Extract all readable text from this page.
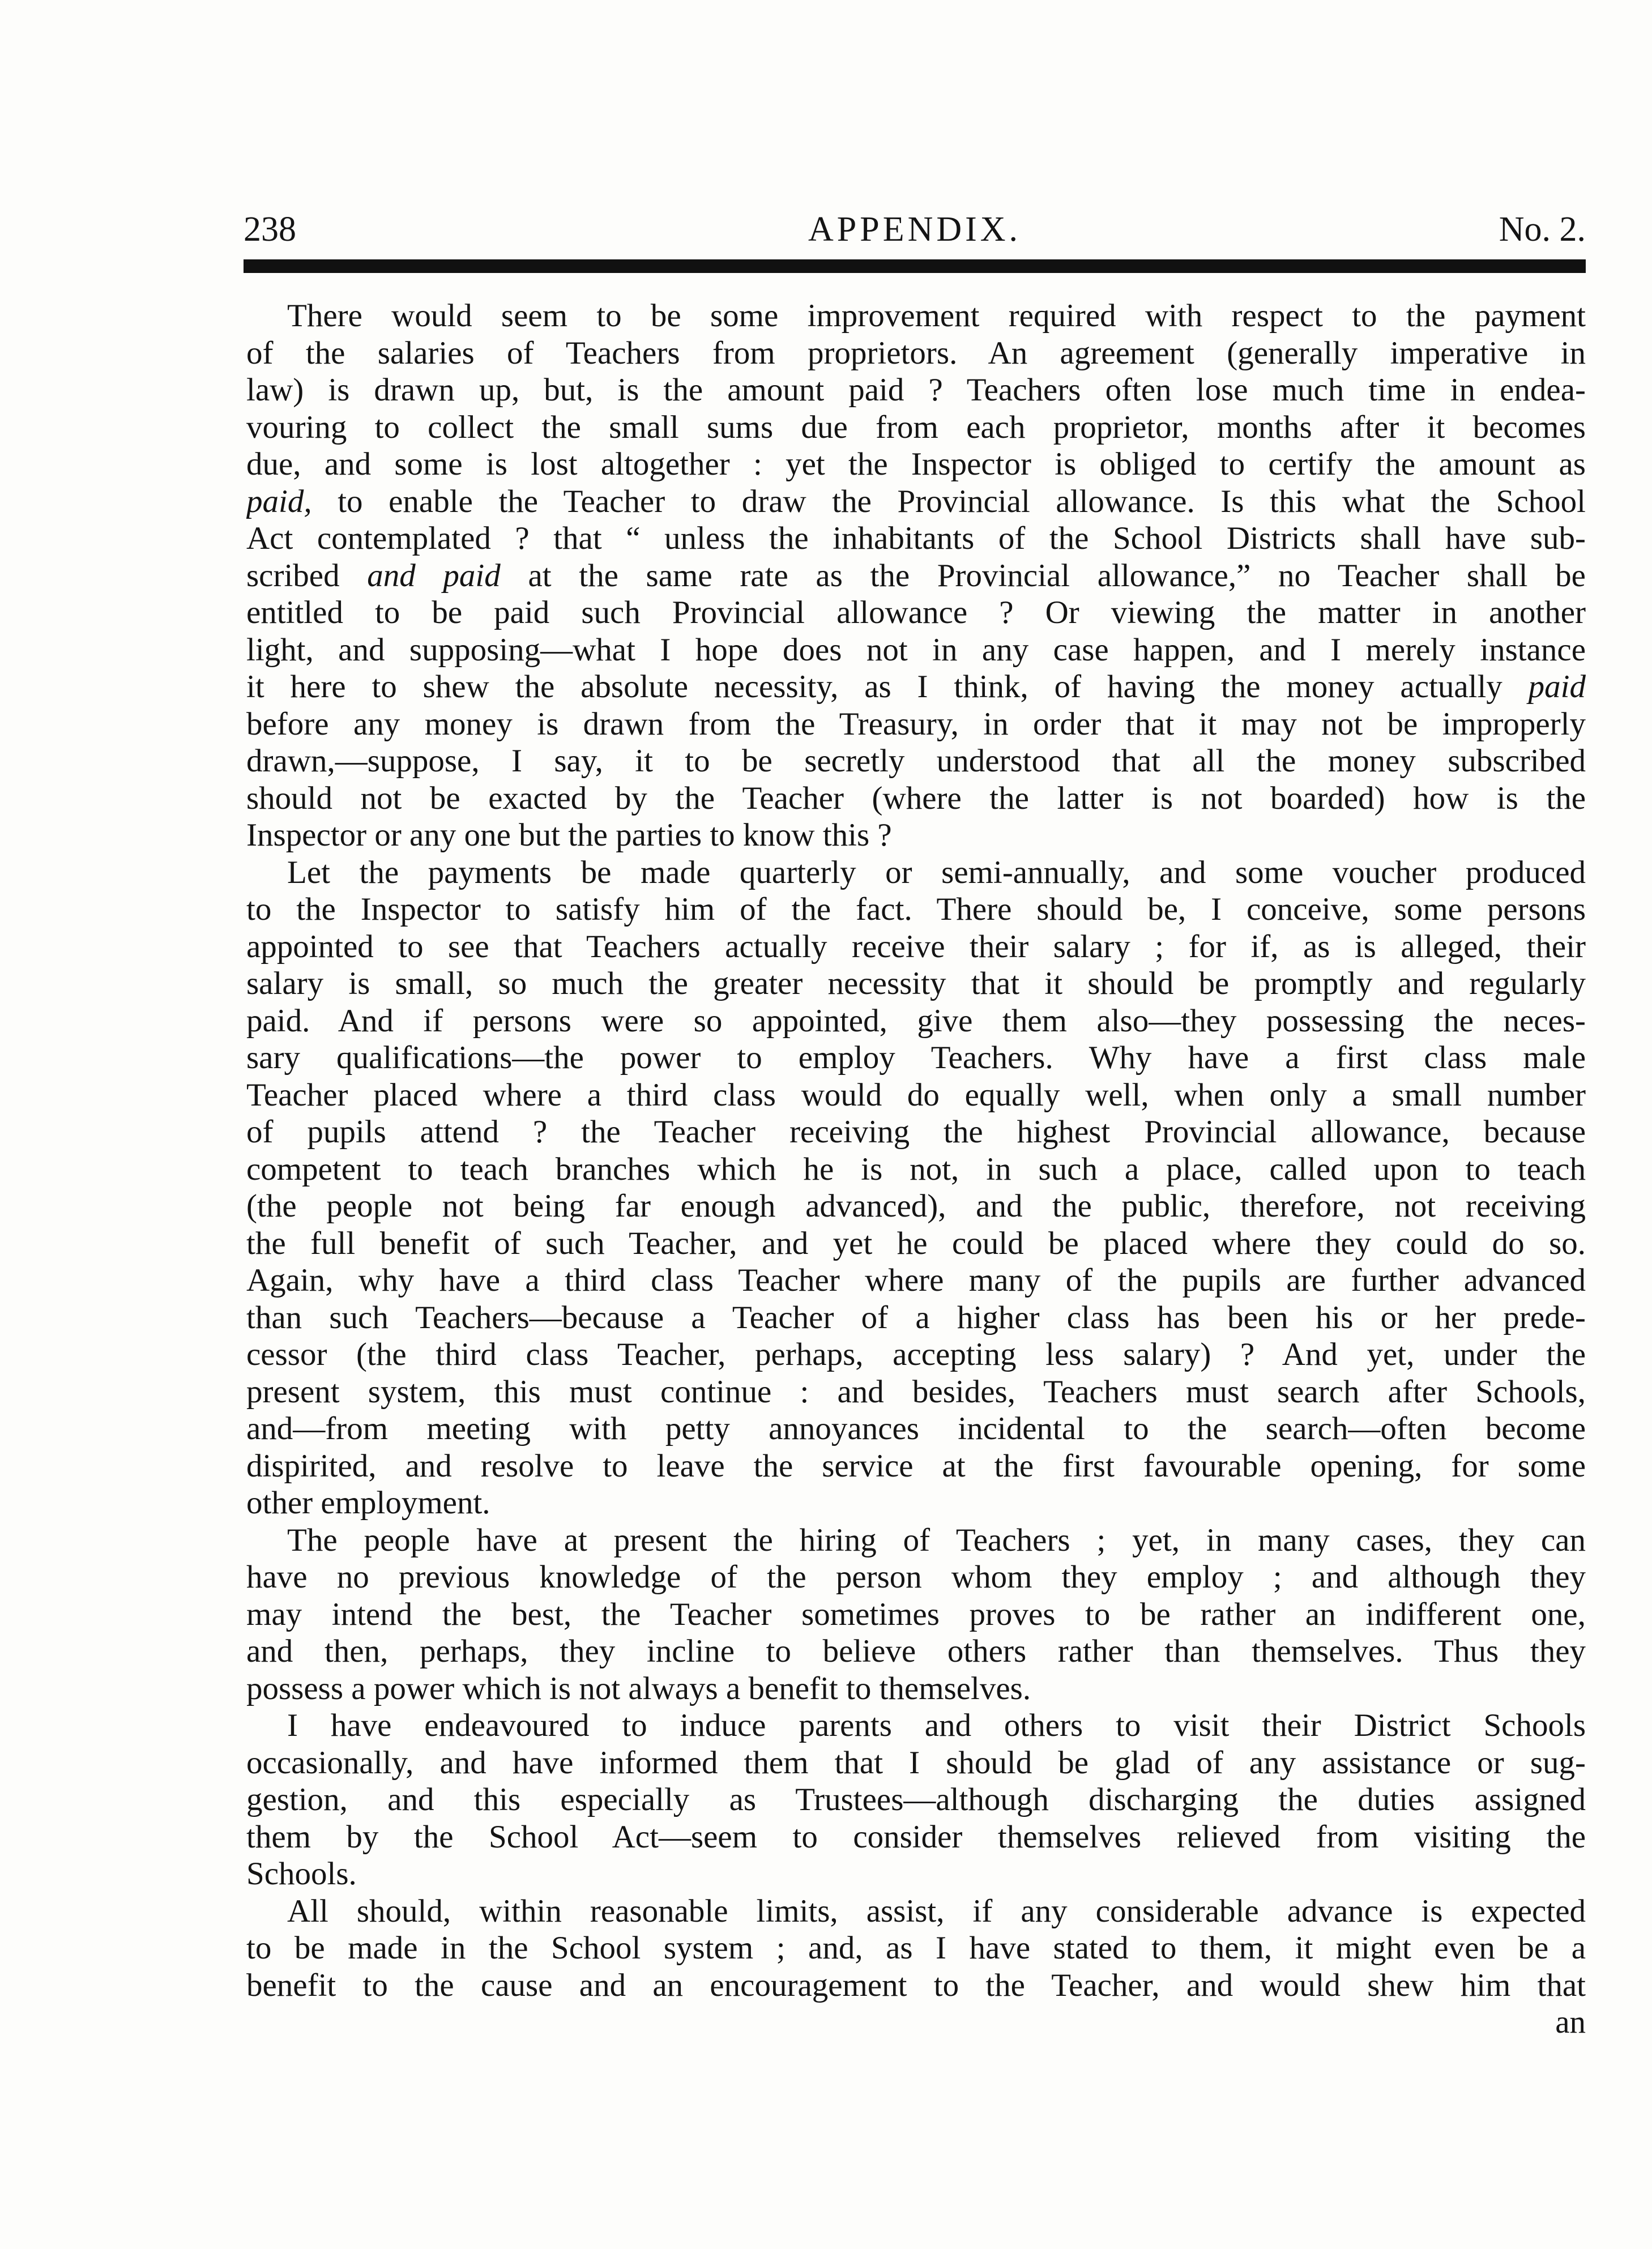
238	APPENDIX.	No. 2.
There would seem to be some improvement required with respect to the payment
of the salaries of Teachers from proprietors. An agreement (generally imperative in
law) is drawn up, but, is the amount paid ? Teachers often lose much time in endea-
vouring to collect the small sums due from each proprietor, months after it becomes
due, and some is lost altogether : yet the Inspector is obliged to certify the amount as
paid, to enable the Teacher to draw the Provincial allowance. Is this what the School
Act contemplated ? that “ unless the inhabitants of the School Districts shall have sub-
scribed and paid at the same rate as the Provincial allowance,” no Teacher shall be
entitled to be paid such Provincial allowance ? Or viewing the matter in another
light, and supposing—what I hope does not in any case happen, and I merely instance
it here to shew the absolute necessity, as I think, of having the money actually paid
before any money is drawn from the Treasury, in order that it may not be improperly
drawn,—suppose, I say, it to be secretly understood that all the money subscribed
should not be exacted by the Teacher (where the latter is not boarded) how is the
Inspector or any one but the parties to know this ?
Let the payments be made quarterly or semi-annually, and some voucher produced
to the Inspector to satisfy him of the fact. There should be, I conceive, some persons
appointed to see that Teachers actually receive their salary ; for if, as is alleged, their
salary is small, so much the greater necessity that it should be promptly and regularly
paid. And if persons were so appointed, give them also—they possessing the neces-
sary qualifications—the power to employ Teachers. Why have a first class male
Teacher placed where a third class would do equally well, when only a small number
of pupils attend ? the Teacher receiving the highest Provincial allowance, because
competent to teach branches which he is not, in such a place, called upon to teach
(the people not being far enough advanced), and the public, therefore, not receiving
the full benefit of such Teacher, and yet he could be placed where they could do so.
Again, why have a third class Teacher where many of the pupils are further advanced
than such Teachers—because a Teacher of a higher class has been his or her prede-
cessor (the third class Teacher, perhaps, accepting less salary) ? And yet, under the
present system, this must continue : and besides, Teachers must search after Schools,
and—from meeting with petty annoyances incidental to the search—often become
dispirited, and resolve to leave the service at the first favourable opening, for some
other employment.
The people have at present the hiring of Teachers ; yet, in many cases, they can
have no previous knowledge of the person whom they employ ; and although they
may intend the best, the Teacher sometimes proves to be rather an indifferent one,
and then, perhaps, they incline to believe others rather than themselves. Thus they
possess a power which is not always a benefit to themselves.
I have endeavoured to induce parents and others to visit their District Schools
occasionally, and have informed them that I should be glad of any assistance or sug-
gestion, and this especially as Trustees—although discharging the duties assigned
them by the School Act—seem to consider themselves relieved from visiting the
Schools.
All should, within reasonable limits, assist, if any considerable advance is expected
to be made in the School system ; and, as I have stated to them, it might even be a
benefit to the cause and an encouragement to the Teacher, and would shew him that
an
